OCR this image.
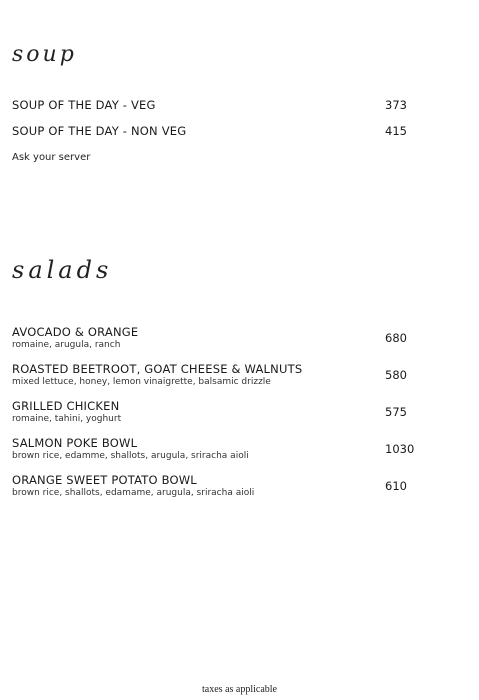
soup
SOUP OF THE DAY - VEG	373
SOUP OF THE DAY - NON VEG	415
Ask your server
salads
AVOCADO & ORANGE
romaine, arugula, ranch	680
ROASTED BEETROOT, GOAT CHEESE & WALNUTS
mixed lettuce, honey, lemon vinaigrette, balsamic drizzle	580
GRILLED CHICKEN
romaine, tahini, yoghurt	575
SALMON POKE BOWL
brown rice, edamme, shallots, arugula, sriracha aioli	1030
ORANGE SWEET POTATO BOWL
brown rice, shallots, edamame, arugula, sriracha aioli	610
taxes as applicable
